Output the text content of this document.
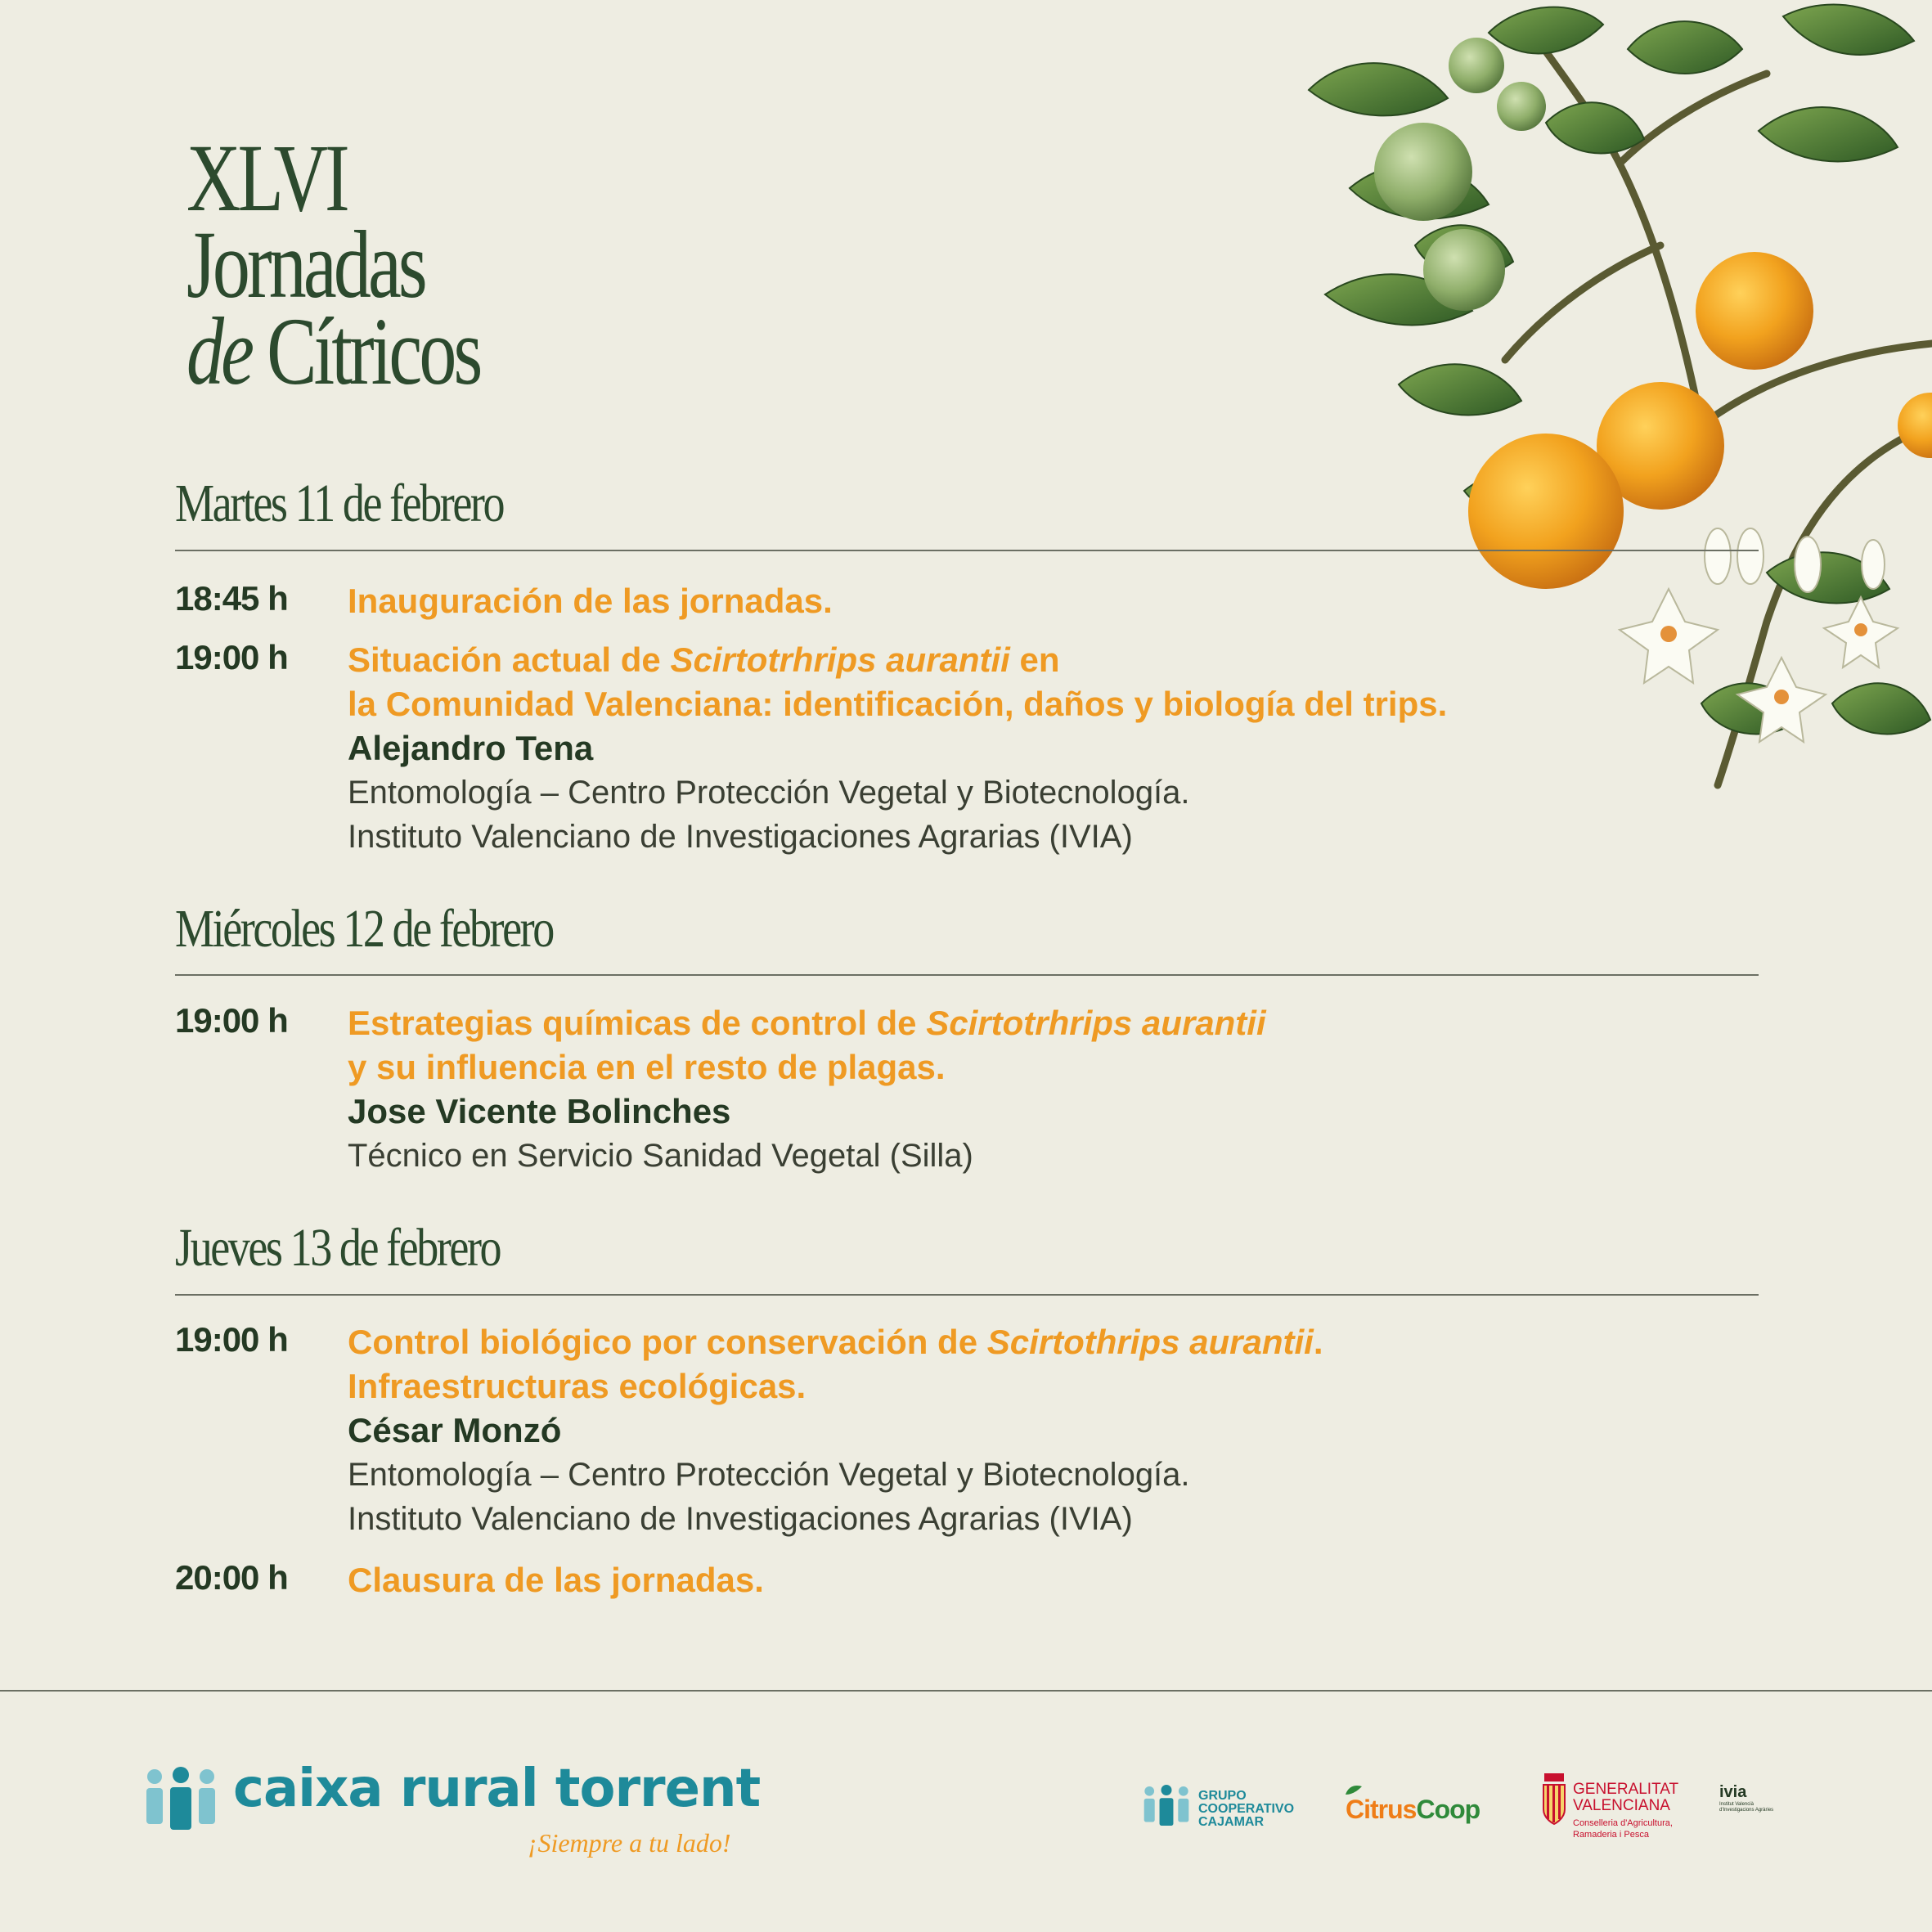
XLVI
Jornadas
de Cítricos
Martes 11 de febrero
18:45 h Inauguración de las jornadas.
19:00 h Situación actual de Scirtotrhrips aurantii en
la Comunidad Valenciana: identificación, daños y biología del trips.
Alejandro Tena
Entomología – Centro Protección Vegetal y Biotecnología.
Instituto Valenciano de Investigaciones Agrarias (IVIA)
Miércoles 12 de febrero
19:00 h Estrategias químicas de control de Scirtotrhrips aurantii
y su influencia en el resto de plagas.
Jose Vicente Bolinches
Técnico en Servicio Sanidad Vegetal (Silla)
Jueves 13 de febrero
19:00 h Control biológico por conservación de Scirtothrips aurantii.
Infraestructuras ecológicas.
César Monzó
Entomología – Centro Protección Vegetal y Biotecnología.
Instituto Valenciano de Investigaciones Agrarias (IVIA)
20:00 h Clausura de las jornadas.
caixa rural torrent
¡Siempre a tu lado!
GRUPO
COOPERATIVO
CAJAMAR	CitrusCoop
GENERALITAT
VALENCIANA
Conselleria d'Agricultura,
Ramaderia i Pesca
ivia
Institut Valencià
d'Investigacions Agràries
